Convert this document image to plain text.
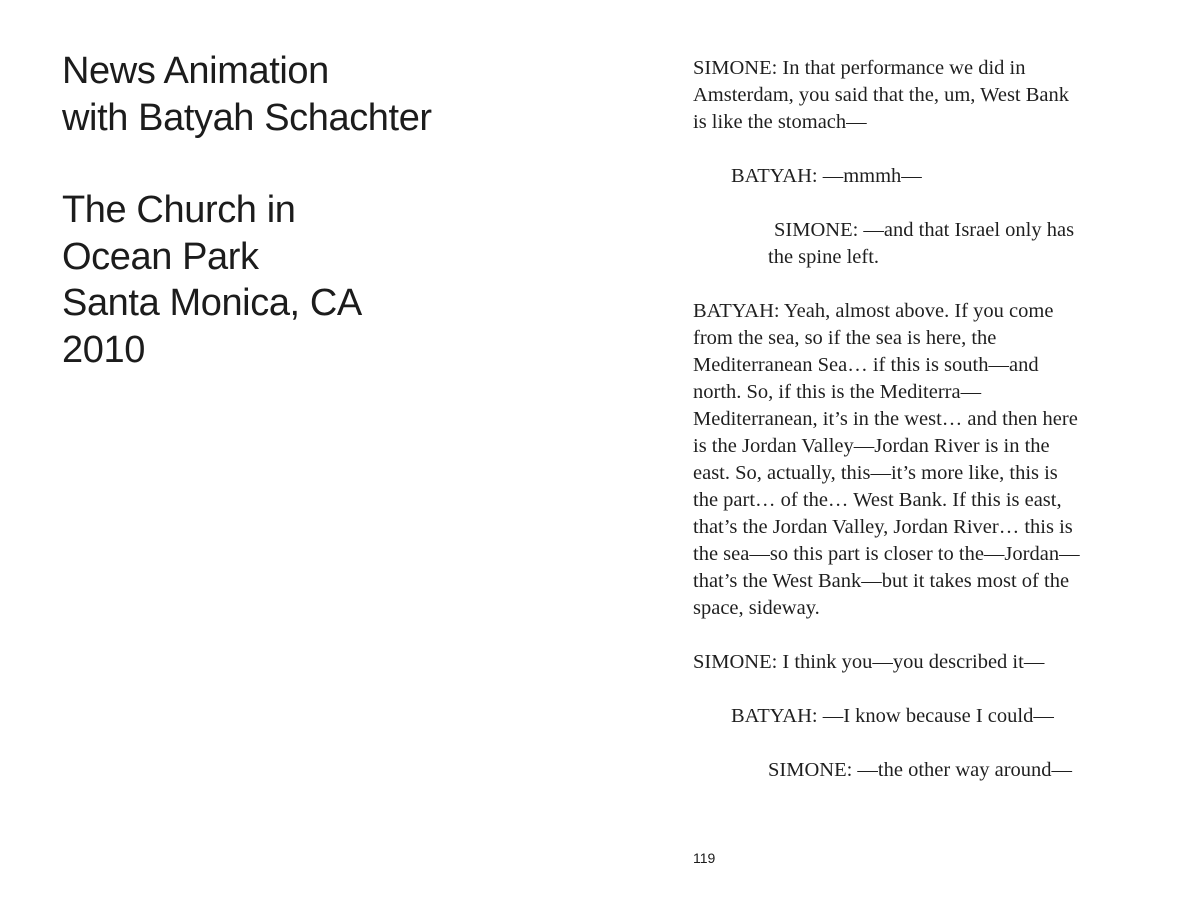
News Animation
with Batyah Schachter
The Church in
Ocean Park
Santa Monica, CA
2010

SIMONE: In that performance we did in
Amsterdam, you said that the, um, West Bank
is like the stomach—

BATYAH: —mmmh—

SIMONE: —and that Israel only has
the spine left.

BATYAH: Yeah, almost above. If you come
from the sea, so if the sea is here, the
Mediterranean Sea… if this is south—and
north. So, if this is the Mediterra—
Mediterranean, it’s in the west… and then here
is the Jordan Valley—Jordan River is in the
east. So, actually, this—it’s more like, this is
the part… of the… West Bank. If this is east,
that’s the Jordan Valley, Jordan River… this is
the sea—so this part is closer to the—Jordan—
that’s the West Bank—but it takes most of the
space, sideway.

SIMONE: I think you—you described it—

BATYAH: —I know because I could—

SIMONE: —the other way around—

119
